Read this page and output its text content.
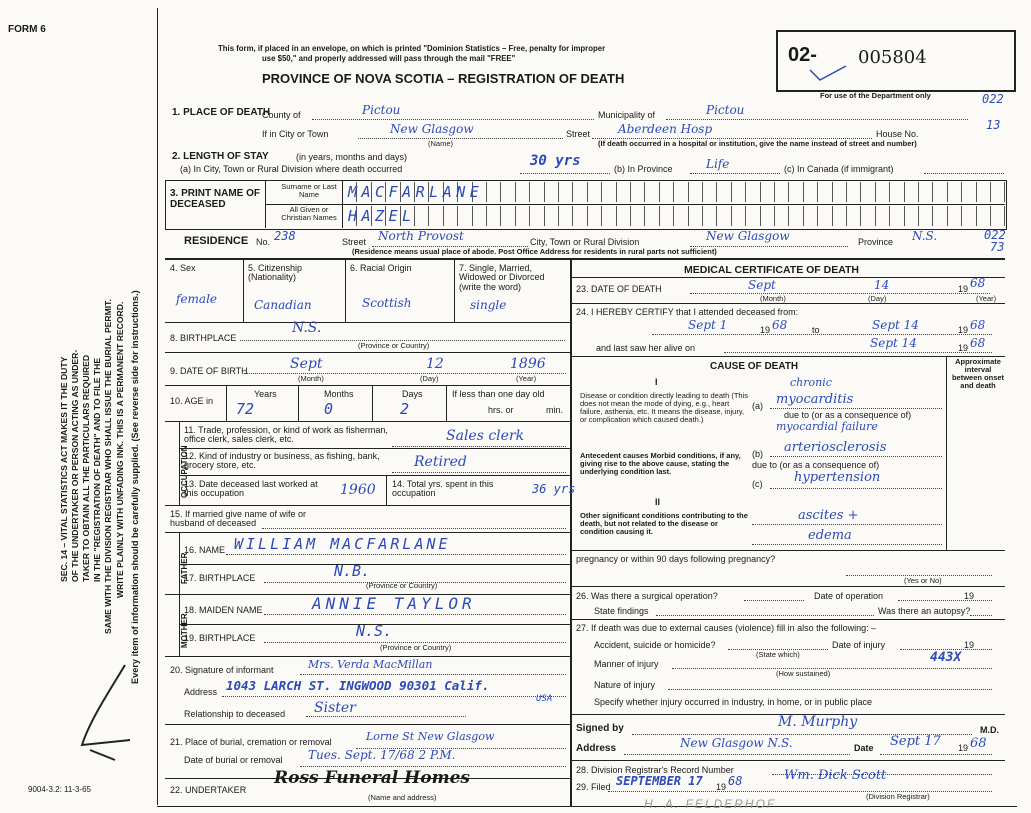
FORM 6
This form, if placed in an envelope, on which is printed "Dominion Statistics – Free, penalty for improper
use $50," and properly addressed will pass through the mail "FREE"
PROVINCE OF NOVA SCOTIA – REGISTRATION OF DEATH
02- 005804
For use of the Department only	022
13
SEC. 14 – VITAL STATISTICS ACT MAKES IT THE DUTY OF THE UNDERTAKER OR PERSON ACTING AS UNDER- TAKER TO OBTAIN ALL THE PARTICULARS REQUIRED IN THE "REGISTRATION OF DEATH" AND TO FILE THE SAME WITH THE DIVISION REGISTRAR WHO SHALL ISSUE THE BURIAL PERMIT. WRITE PLAINLY WITH UNFADING INK. THIS IS A PERMANENT RECORD. Every item of information should be carefully supplied. (See reverse side for instructions.)
9004-3.2: 11-3-65
1. PLACE OF DEATH
County of	Pictou	Municipality of	Pictou
If in City or Town	New Glasgow
(Name)
Street Aberdeen Hosp	House No.
(If death occurred in a hospital or institution, give the name instead of street and number)
2. LENGTH OF STAY	(in years, months and days)
(a) In City, Town or Rural Division where death occurred	30 yrs	(b) In Province	Life	(c) In Canada (if immigrant)
3. PRINT NAME OF DECEASED
Surname or Last Name
All Given or Christian Names
MACFARLANE
HAZEL
RESIDENCE No. 238	Street North Provost	City, Town or Rural Division	New Glasgow	Province N.S.	022
73
(Residence means usual place of abode. Post Office Address for residents in rural parts not sufficient)
4. Sex
female
5. Citizenship (Nationality)
Canadian
6. Racial Origin
Scottish
7. Single, Married, Widowed or Divorced (write the word)
single
8. BIRTHPLACE
N.S.
(Province or Country)
9. DATE OF BIRTH	Sept	12	1896
(Month)	(Day)	(Year)
10. AGE in
Years
72
Months
0
Days
2
If less than one day old
hrs. or	min.
OCCUPATION
11. Trade, profession, or kind of work as fisherman, office clerk, sales clerk, etc.	Sales clerk
12. Kind of industry or business, as fishing, bank, grocery store, etc.	Retired
13. Date deceased last worked at this occupation	1960 14. Total yrs. spent in this occupation	36 yrs
15. If married give name of wife or husband of deceased
FATHER
16. NAME WILLIAM MACFARLANE
17. BIRTHPLACE	N.B.
(Province or Country)
MOTHER
18. MAIDEN NAME	ANNIE TAYLOR
19. BIRTHPLACE	N.S.
(Province or Country)
20. Signature of informant	Mrs. Verda MacMillan
Address 1043 LARCH ST. INGWOOD 90301 Calif.
USA
Relationship to deceased Sister
21. Place of burial, cremation or removal	Lorne St New Glasgow
Date of burial or removal Tues. Sept. 17/68 2 P.M.
22. UNDERTAKER
Ross Funeral Homes
(Name and address)
MEDICAL CERTIFICATE OF DEATH
23. DATE OF DEATH	Sept	14	19 68
(Month)	(Day)	(Year)
24. I HEREBY CERTIFY that I attended deceased from:
Sept 1	19 68	to	Sept 14	19 68
and last saw her alive on	Sept 14	19 68
Approximate interval between onset and death
CAUSE OF DEATH
I
Disease or condition directly leading to death (This does not mean the mode of dying, e.g., heart failure, asthenia, etc. It means the disease, injury, or complication which caused death.)
chronic
(a) myocarditis
due to (or as a consequence of)
myocardial failure
Antecedent causes Morbid conditions, if any, giving rise to the above cause, stating the underlying condition last.
(b) arteriosclerosis
due to (or as a consequence of)
(c) hypertension
II
Other significant conditions contributing to the death, but not related to the disease or condition causing it.
ascites +
edema
pregnancy or within 90 days following pregnancy?
(Yes or No)
26. Was there a surgical operation?	Date of operation	19
State findings	Was there an autopsy?
27. If death was due to external causes (violence) fill in also the following: –
Accident, suicide or homicide?
(State which)
Date of injury	19
Manner of injury	443X
(How sustained)
Nature of injury
Specify whether injury occurred in industry, in home, or in public place
Signed by	M. Murphy	M.D.
Address	New Glasgow N.S.	Date Sept 17 19 68
28. Division Registrar's Record Number
29. Filed SEPTEMBER 17 19 68	Wm. Dick Scott
(Division Registrar)
H. A. FELDERHOF
